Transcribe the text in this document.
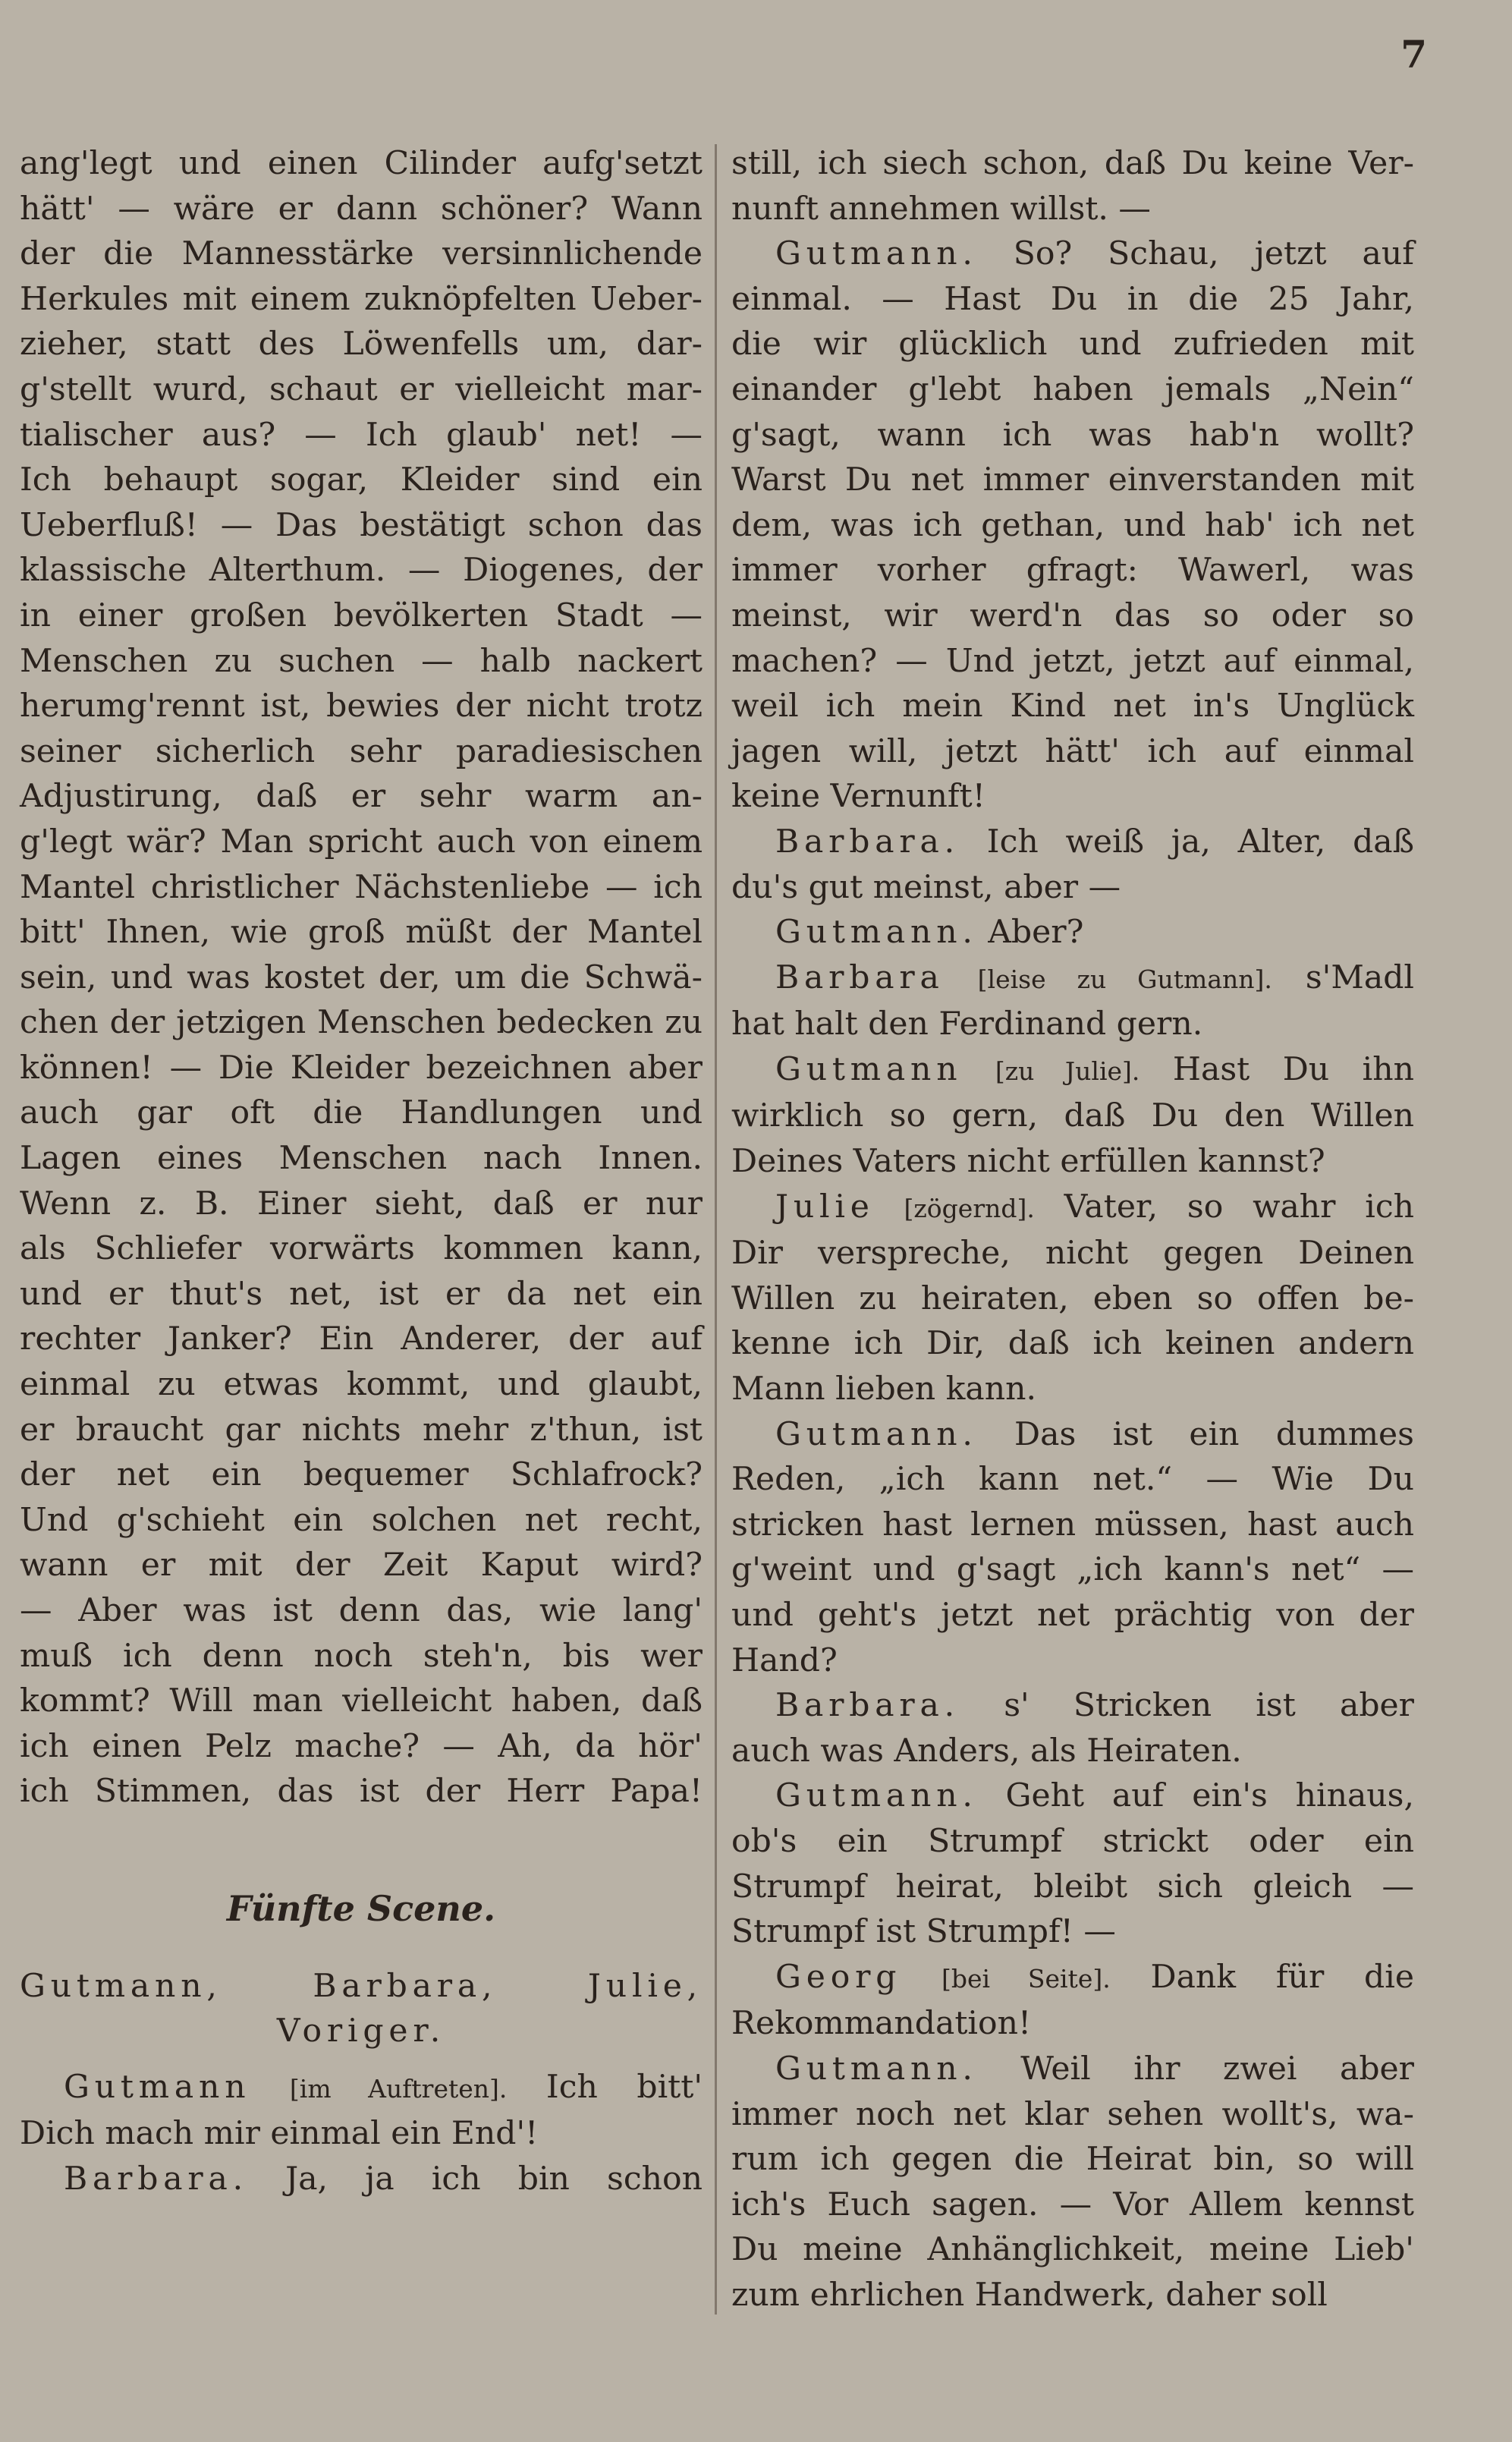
7
ang'legt und einen Cilinder aufg'setzt
hätt' — wäre er dann schöner? Wann
der die Mannesstärke versinnlichende
Herkules mit einem zuknöpfelten Ueber-
zieher, statt des Löwenfells um, dar-
g'stellt wurd, schaut er vielleicht mar-
tialischer aus? — Ich glaub' net! —
Ich behaupt sogar, Kleider sind ein
Ueberfluß! — Das bestätigt schon das
klassische Alterthum. — Diogenes, der
in einer großen bevölkerten Stadt —
Menschen zu suchen — halb nackert
herumg'rennt ist, bewies der nicht trotz
seiner sicherlich sehr paradiesischen
Adjustirung, daß er sehr warm an-
g'legt wär? Man spricht auch von einem
Mantel christlicher Nächstenliebe — ich
bitt' Ihnen, wie groß müßt der Mantel
sein, und was kostet der, um die Schwä-
chen der jetzigen Menschen bedecken zu
können! — Die Kleider bezeichnen aber
auch gar oft die Handlungen und
Lagen eines Menschen nach Innen.
Wenn z. B. Einer sieht, daß er nur
als Schliefer vorwärts kommen kann,
und er thut's net, ist er da net ein
rechter Janker? Ein Anderer, der auf
einmal zu etwas kommt, und glaubt,
er braucht gar nichts mehr z'thun, ist
der net ein bequemer Schlafrock?
Und g'schieht ein solchen net recht,
wann er mit der Zeit Kaput wird?
— Aber was ist denn das, wie lang'
muß ich denn noch steh'n, bis wer
kommt? Will man vielleicht haben, daß
ich einen Pelz mache? — Ah, da hör'
ich Stimmen, das ist der Herr Papa!
Fünfte Scene.
Gutmann, Barbara, Julie,
Voriger.
Gutmann [im Auftreten]. Ich bitt'
Dich mach mir einmal ein End'!
Barbara. Ja, ja ich bin schon
still, ich siech schon, daß Du keine Ver-
nunft annehmen willst. —
Gutmann. So? Schau, jetzt auf
einmal. — Hast Du in die 25 Jahr,
die wir glücklich und zufrieden mit
einander g'lebt haben jemals „Nein“
g'sagt, wann ich was hab'n wollt?
Warst Du net immer einverstanden mit
dem, was ich gethan, und hab' ich net
immer vorher gfragt: Wawerl, was
meinst, wir werd'n das so oder so
machen? — Und jetzt, jetzt auf einmal,
weil ich mein Kind net in's Unglück
jagen will, jetzt hätt' ich auf einmal
keine Vernunft!
Barbara. Ich weiß ja, Alter, daß
du's gut meinst, aber —
Gutmann. Aber?
Barbara [leise zu Gutmann]. s'Madl
hat halt den Ferdinand gern.
Gutmann [zu Julie]. Hast Du ihn
wirklich so gern, daß Du den Willen
Deines Vaters nicht erfüllen kannst?
Julie [zögernd]. Vater, so wahr ich
Dir verspreche, nicht gegen Deinen
Willen zu heiraten, eben so offen be-
kenne ich Dir, daß ich keinen andern
Mann lieben kann.
Gutmann. Das ist ein dummes
Reden, „ich kann net.“ — Wie Du
stricken hast lernen müssen, hast auch
g'weint und g'sagt „ich kann's net“ —
und geht's jetzt net prächtig von der
Hand?
Barbara. s' Stricken ist aber
auch was Anders, als Heiraten.
Gutmann. Geht auf ein's hinaus,
ob's ein Strumpf strickt oder ein
Strumpf heirat, bleibt sich gleich —
Strumpf ist Strumpf! —
Georg [bei Seite]. Dank für die
Rekommandation!
Gutmann. Weil ihr zwei aber
immer noch net klar sehen wollt's, wa-
rum ich gegen die Heirat bin, so will
ich's Euch sagen. — Vor Allem kennst
Du meine Anhänglichkeit, meine Lieb'
zum ehrlichen Handwerk, daher soll
